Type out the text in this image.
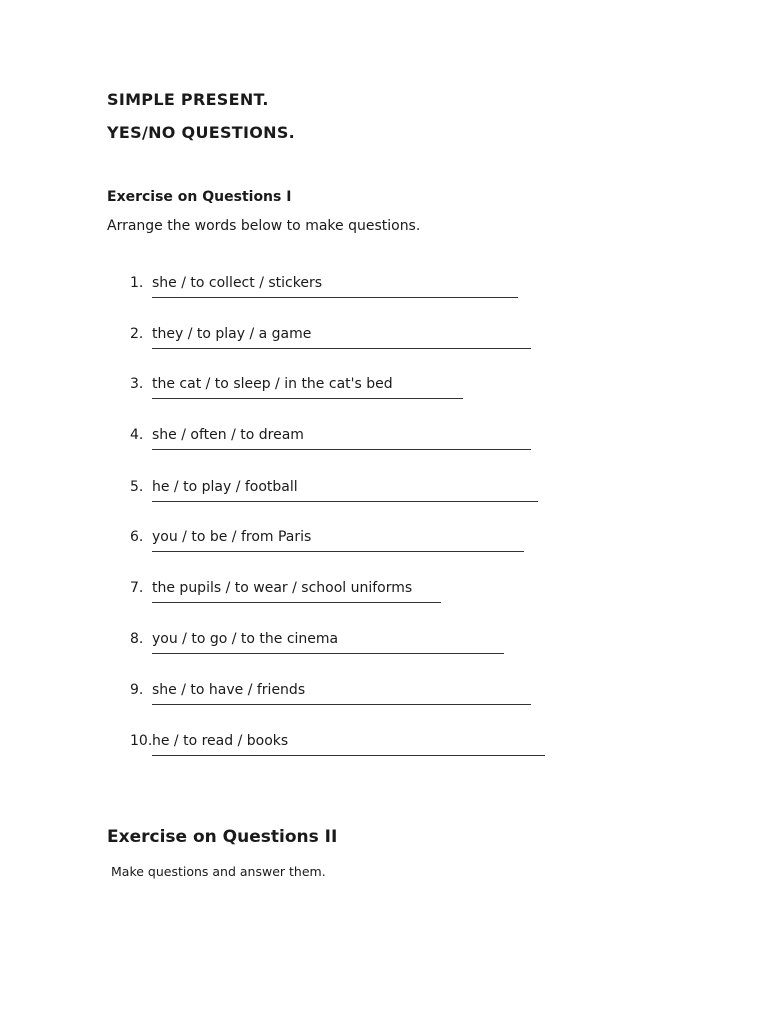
SIMPLE PRESENT.
YES/NO QUESTIONS.
Exercise on Questions I
Arrange the words below to make questions.
1. she / to collect / stickers
2. they / to play / a game
3. the cat / to sleep / in the cat's bed
4. she / often / to dream
5. he / to play / football
6. you / to be / from Paris
7. the pupils / to wear / school uniforms
8. you / to go / to the cinema
9. she / to have / friends
10. he / to read / books
Exercise on Questions II
Make questions and answer them.
